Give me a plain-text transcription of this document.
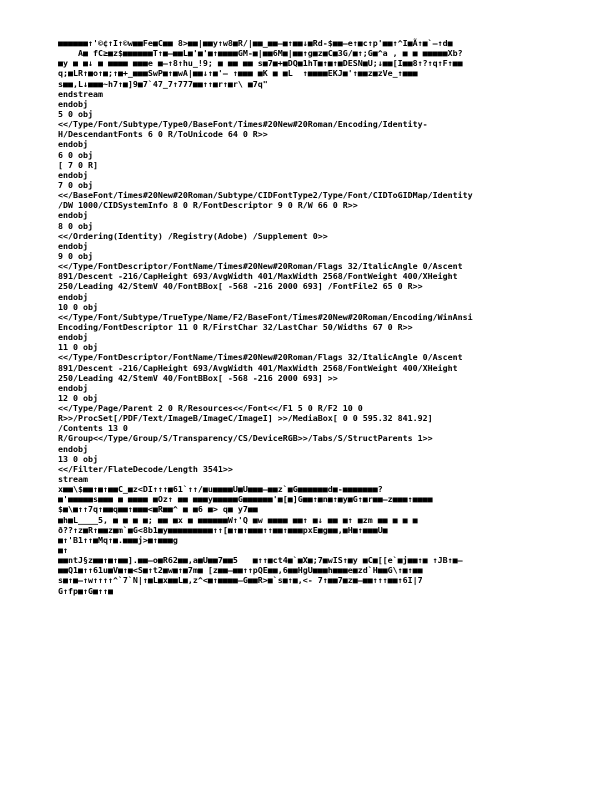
■■■■■■↑'©¢↑I↑©w■■Fe■C■■ 8>■■|■■y↑w8■R/|■■_■■—■↑■■↓■Rd-$■■—e↑■c↑p'■■↑^I■Ã↑■`—↑d■
A■ fC≥■z$■■■■■■T↑■—■■L■'■'■↑■■■■GM-■|■■6M■|■■↑g■z■C■3G/■↑;G■^a , ■ ■ ■■■■■Xb?
■y ■ ■↓ ■ ■■■■ ■■■e ■—↑8↑hu_!9; ■ ■■ ■■ s■7■+■DQ■1hT■↑■↑■DESN■U;↓■■[I■■8↑?↑q↑F↑■■
q;■LR↑■o↑■;↑■+_■■■SwP■↑■wA|■■↓↑■'— ↑■■■ ■K ■ ■L  ↑■■■■EKJ■'↑■■z■zVe_↑■■■
s■■,L↓■■■~h7↑■]9■7`47_7↑777■■↑↑■r↑■r\ ■7q"
endstream
endobj
5 0 obj
<</Type/Font/Subtype/Type0/BaseFont/Times#20New#20Roman/Encoding/Identity-
H/DescendantFonts 6 0 R/ToUnicode 64 0 R>>
endobj
6 0 obj
[ 7 0 R]
endobj
7 0 obj
<</BaseFont/Times#20New#20Roman/Subtype/CIDFontType2/Type/Font/CIDToGIDMap/Identity
/DW 1000/CIDSystemInfo 8 0 R/FontDescriptor 9 0 R/W 66 0 R>>
endobj
8 0 obj
<</Ordering(Identity) /Registry(Adobe) /Supplement 0>>
endobj
9 0 obj
<</Type/FontDescriptor/FontName/Times#20New#20Roman/Flags 32/ItalicAngle 0/Ascent
891/Descent -216/CapHeight 693/AvgWidth 401/MaxWidth 2568/FontWeight 400/XHeight
250/Leading 42/StemV 40/FontBBox[ -568 -216 2000 693] /FontFile2 65 0 R>>
endobj
10 0 obj
<</Type/Font/Subtype/TrueType/Name/F2/BaseFont/Times#20New#20Roman/Encoding/WinAnsi
Encoding/FontDescriptor 11 0 R/FirstChar 32/LastChar 50/Widths 67 0 R>>
endobj
11 0 obj
<</Type/FontDescriptor/FontName/Times#20New#20Roman/Flags 32/ItalicAngle 0/Ascent
891/Descent -216/CapHeight 693/AvgWidth 401/MaxWidth 2568/FontWeight 400/XHeight
250/Leading 42/StemV 40/FontBBox[ -568 -216 2000 693] >>
endobj
12 0 obj
<</Type/Page/Parent 2 0 R/Resources<</Font<</F1 5 0 R/F2 10 0
R>>/ProcSet[/PDF/Text/ImageB/ImageC/ImageI] >>/MediaBox[ 0 0 595.32 841.92]
/Contents 13 0
R/Group<</Type/Group/S/Transparency/CS/DeviceRGB>>/Tabs/S/StructParents 1>>
endobj
13 0 obj
<</Filter/FlateDecode/Length 3541>>
stream
x■■\$■■↑■↑■■C_■z<DI↑↑↑■61`↑↑/■u■■■■U■U■■■—■■z`■G■■■■■■d■-■■■■■■■?
■'■■■■■s■■■ ■ ■■■■ ■Oz↑ ■■ ■■■y■■■■■G■■■■■■'■[■]G■■↑■n■↑■y■G↑■r■■—z■■■↑■■■■
$■\■↑↑7q↑■■q■■↑■■■<■R■■^ ■ ■6 ■> q■ y7■■
■h■L____5, ■ ■ ■ ■; ■■ ■x ■ ■■■■■■W↑'Q ■w ■■■■ ■■↑ ■↓ ■■ ■↑ ■zm ■■ ■ ■ ■
ð??↑z■R↑■■z■m`■G<8b1■y■■■■■■■■■↑↑[■↑■↑■■■↑↑■■↑■■■pxE■g■■,■H■↑■■■U■
■↑'B1↑↑■Mq↑■.■■■j>■↑■■■g
■↑
■■ntJ§z■■↑■↑■■].■■—o■R62■■,a■U■■7■■5   ■↑↑■ct4■`■X■;7■wIS↑■y ■C■[[e`■j■■↑■ ↑JB↑■—
■■Q1■↑↑61u■V■↑■<S■↑t2■w■↑■7m■ [z■■—■■↑↑pQE■■,6■■HgU■■■h■■■e■zd`H■■G\↑■↑■■
s■↑■—↑w↑↑↑↑^`7`N|↑■L■x■■L■,z^<■↑■■■■—G■■R>■`s■↑■,<- 7↑■■7■z■—■■↑↑↑■■↑6I|7
G↑fp■↑G■↑↑■
